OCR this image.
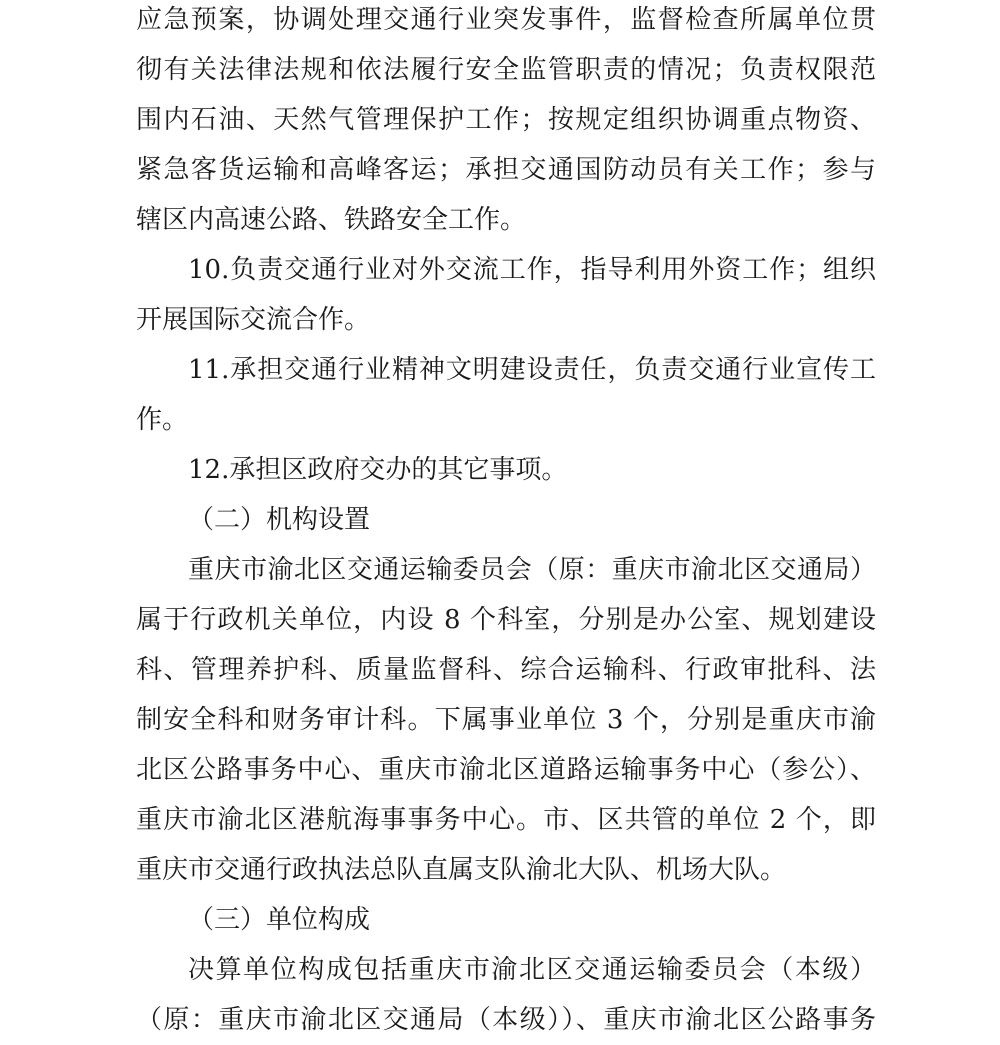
应急预案，协调处理交通行业突发事件，监督检查所属单位贯
彻有关法律法规和依法履行安全监管职责的情况；负责权限范
围内石油、天然气管理保护工作；按规定组织协调重点物资、
紧急客货运输和高峰客运；承担交通国防动员有关工作；参与
辖区内高速公路、铁路安全工作。
10.负责交通行业对外交流工作，指导利用外资工作；组织
开展国际交流合作。
11.承担交通行业精神文明建设责任，负责交通行业宣传工
作。
12.承担区政府交办的其它事项。
（二）机构设置
重庆市渝北区交通运输委员会（原：重庆市渝北区交通局）
属于行政机关单位，内设 8 个科室，分别是办公室、规划建设
科、管理养护科、质量监督科、综合运输科、行政审批科、法
制安全科和财务审计科。下属事业单位 3 个，分别是重庆市渝
北区公路事务中心、重庆市渝北区道路运输事务中心（参公）、
重庆市渝北区港航海事事务中心。市、区共管的单位 2 个，即
重庆市交通行政执法总队直属支队渝北大队、机场大队。
（三）单位构成
决算单位构成包括重庆市渝北区交通运输委员会（本级）
（原：重庆市渝北区交通局（本级））、重庆市渝北区公路事务
